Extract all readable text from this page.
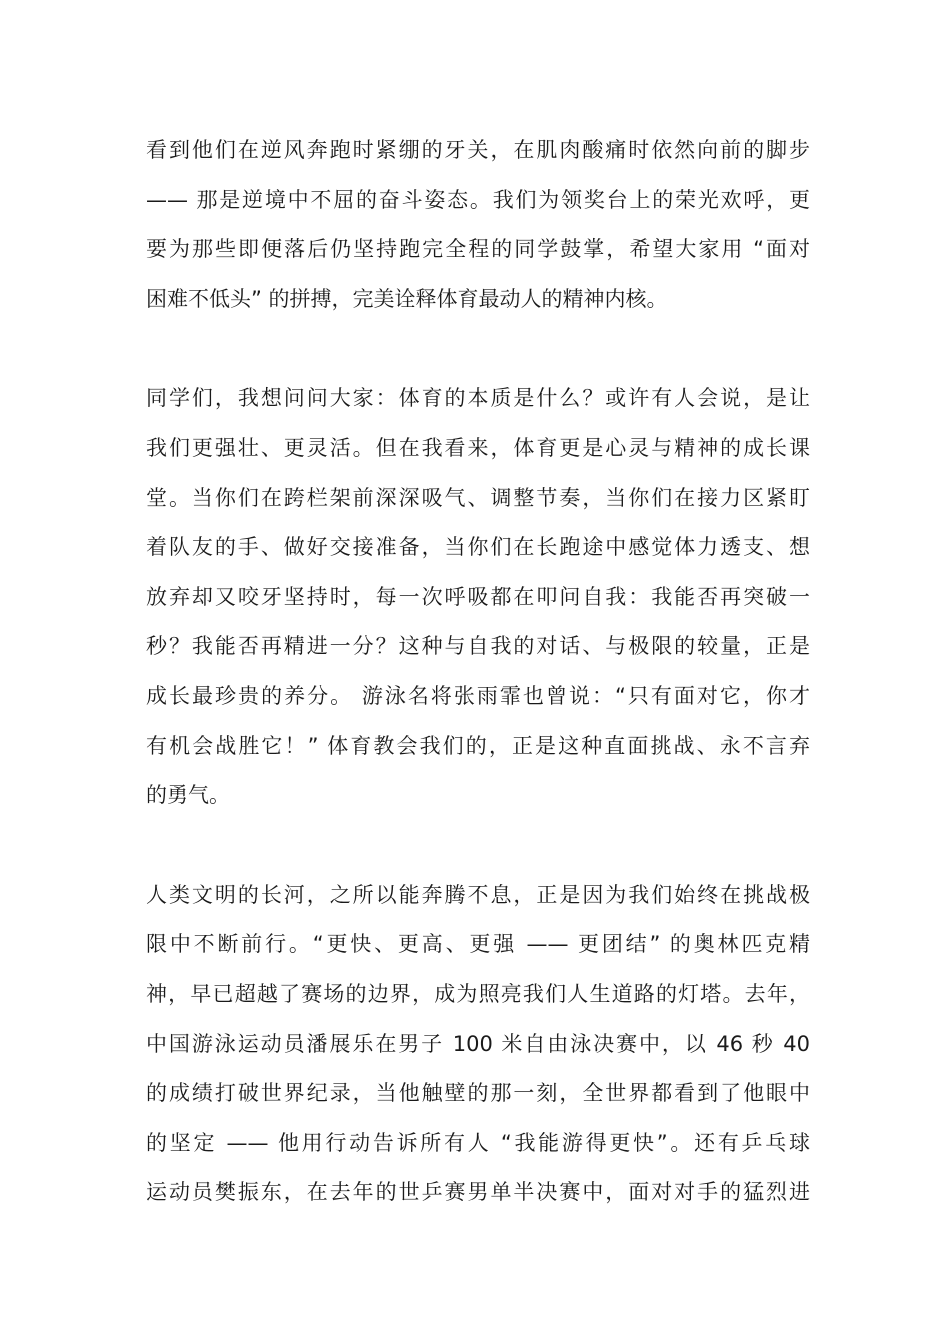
看到他们在逆风奔跑时紧绷的牙关，在肌肉酸痛时依然向前的脚步
—— 那是逆境中不屈的奋斗姿态。我们为领奖台上的荣光欢呼，更
要为那些即便落后仍坚持跑完全程的同学鼓掌，希望大家用 “面对
困难不低头” 的拼搏，完美诠释体育最动人的精神内核。
同学们，我想问问大家：体育的本质是什么？或许有人会说，是让
我们更强壮、更灵活。但在我看来，体育更是心灵与精神的成长课
堂。当你们在跨栏架前深深吸气、调整节奏，当你们在接力区紧盯
着队友的手、做好交接准备，当你们在长跑途中感觉体力透支、想
放弃却又咬牙坚持时，每一次呼吸都在叩问自我：我能否再突破一
秒？我能否再精进一分？这种与自我的对话、与极限的较量，正是
成长最珍贵的养分。 游泳名将张雨霏也曾说：“只有面对它，你才
有机会战胜它！” 体育教会我们的，正是这种直面挑战、永不言弃
的勇气。
人类文明的长河，之所以能奔腾不息，正是因为我们始终在挑战极
限中不断前行。“更快、更高、更强 —— 更团结” 的奥林匹克精
神，早已超越了赛场的边界，成为照亮我们人生道路的灯塔。去年，
中国游泳运动员潘展乐在男子 100 米自由泳决赛中，以 46 秒 40
的成绩打破世界纪录，当他触壁的那一刻，全世界都看到了他眼中
的坚定 —— 他用行动告诉所有人 “我能游得更快”。还有乒乓球
运动员樊振东，在去年的世乒赛男单半决赛中，面对对手的猛烈进
